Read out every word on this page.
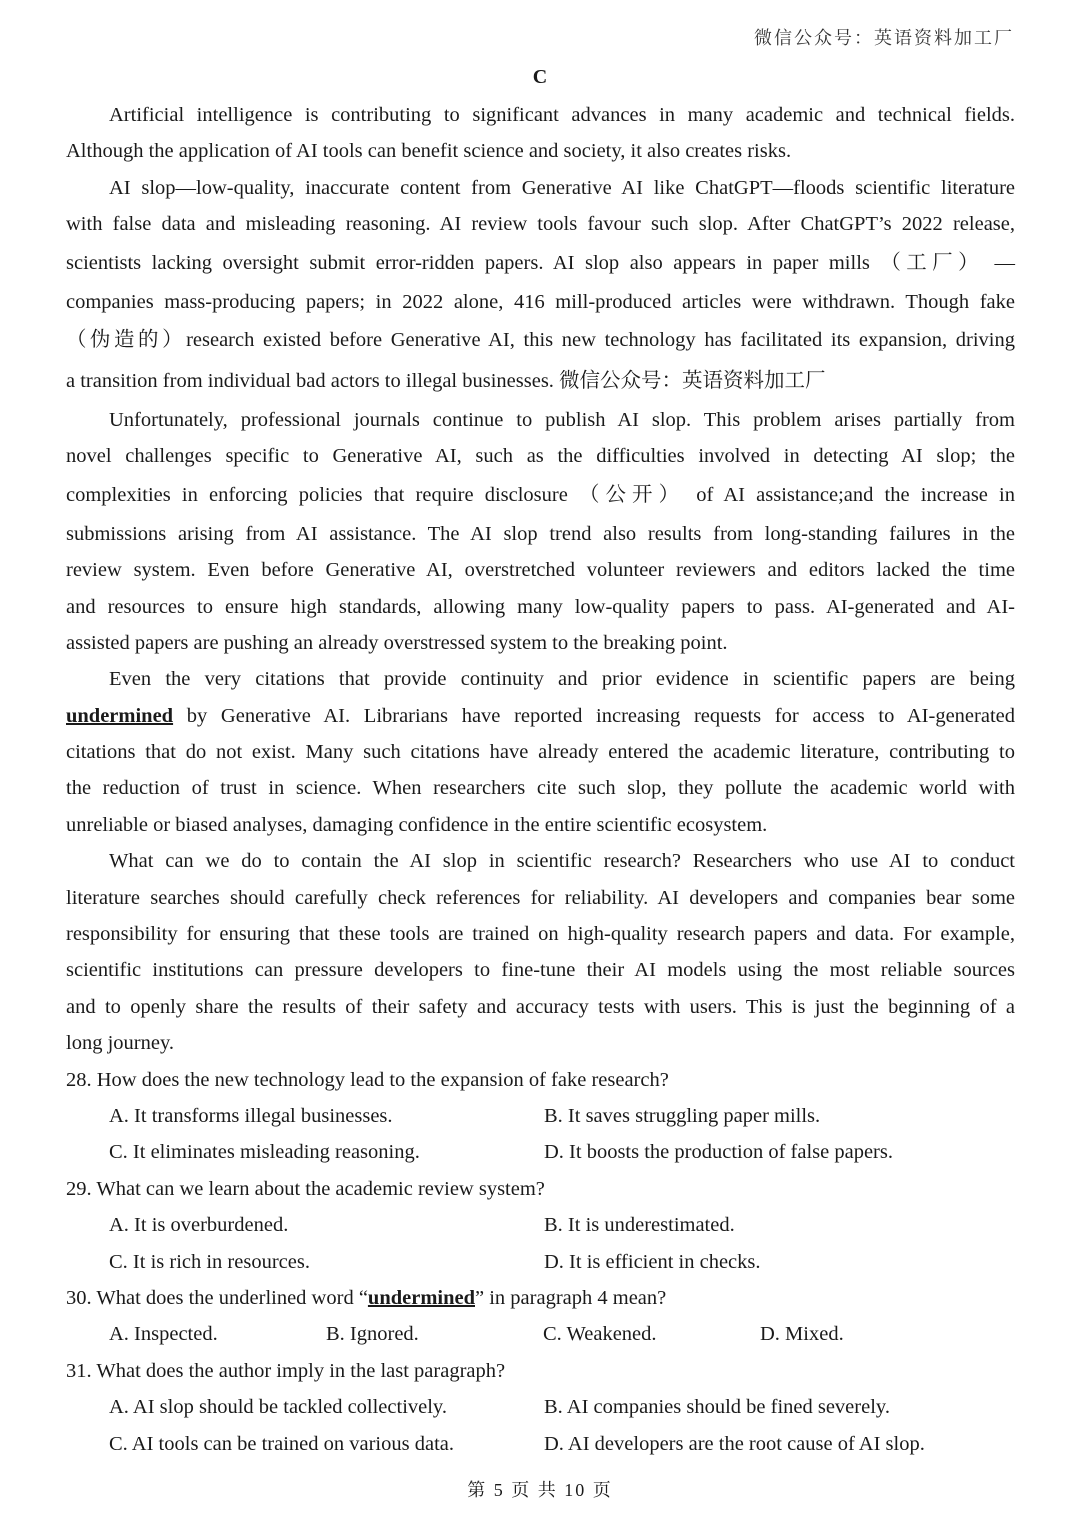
微信公众号：英语资料加工厂
C
Artificial intelligence is contributing to significant advances in many academic and technical fields.
Although the application of AI tools can benefit science and society, it also creates risks.
AI slop—low-quality, inaccurate content from Generative AI like ChatGPT—floods scientific literature
with false data and misleading reasoning. AI review tools favour such slop. After ChatGPT’s 2022 release,
scientists lacking oversight submit error-ridden papers. AI slop also appears in paper mills （工厂） —
companies mass-producing papers; in 2022 alone, 416 mill-produced articles were withdrawn. Though fake
（伪造的）research existed before Generative AI, this new technology has facilitated its expansion, driving
a transition from individual bad actors to illegal businesses. 微信公众号：英语资料加工厂
Unfortunately, professional journals continue to publish AI slop. This problem arises partially from
novel challenges specific to Generative AI, such as the difficulties involved in detecting AI slop; the
complexities in enforcing policies that require disclosure （公开） of AI assistance;and the increase in
submissions arising from AI assistance. The AI slop trend also results from long-standing failures in the
review system. Even before Generative AI, overstretched volunteer reviewers and editors lacked the time
and resources to ensure high standards, allowing many low-quality papers to pass. AI-generated and AI-
assisted papers are pushing an already overstressed system to the breaking point.
Even the very citations that provide continuity and prior evidence in scientific papers are being
undermined by Generative AI. Librarians have reported increasing requests for access to AI-generated
citations that do not exist. Many such citations have already entered the academic literature, contributing to
the reduction of trust in science. When researchers cite such slop, they pollute the academic world with
unreliable or biased analyses, damaging confidence in the entire scientific ecosystem.
What can we do to contain the AI slop in scientific research? Researchers who use AI to conduct
literature searches should carefully check references for reliability. AI developers and companies bear some
responsibility for ensuring that these tools are trained on high-quality research papers and data. For example,
scientific institutions can pressure developers to fine-tune their AI models using the most reliable sources
and to openly share the results of their safety and accuracy tests with users. This is just the beginning of a
long journey.
28. How does the new technology lead to the expansion of fake research?
A. It transforms illegal businesses.	B. It saves struggling paper mills.
C. It eliminates misleading reasoning.	D. It boosts the production of false papers.
29. What can we learn about the academic review system?
A. It is overburdened.	B. It is underestimated.
C. It is rich in resources.	D. It is efficient in checks.
30. What does the underlined word “undermined” in paragraph 4 mean?
A. Inspected.	B. Ignored.	C. Weakened.	D. Mixed.
31. What does the author imply in the last paragraph?
A. AI slop should be tackled collectively.	B. AI companies should be fined severely.
C. AI tools can be trained on various data.	D. AI developers are the root cause of AI slop.
第 5 页 共 10 页
